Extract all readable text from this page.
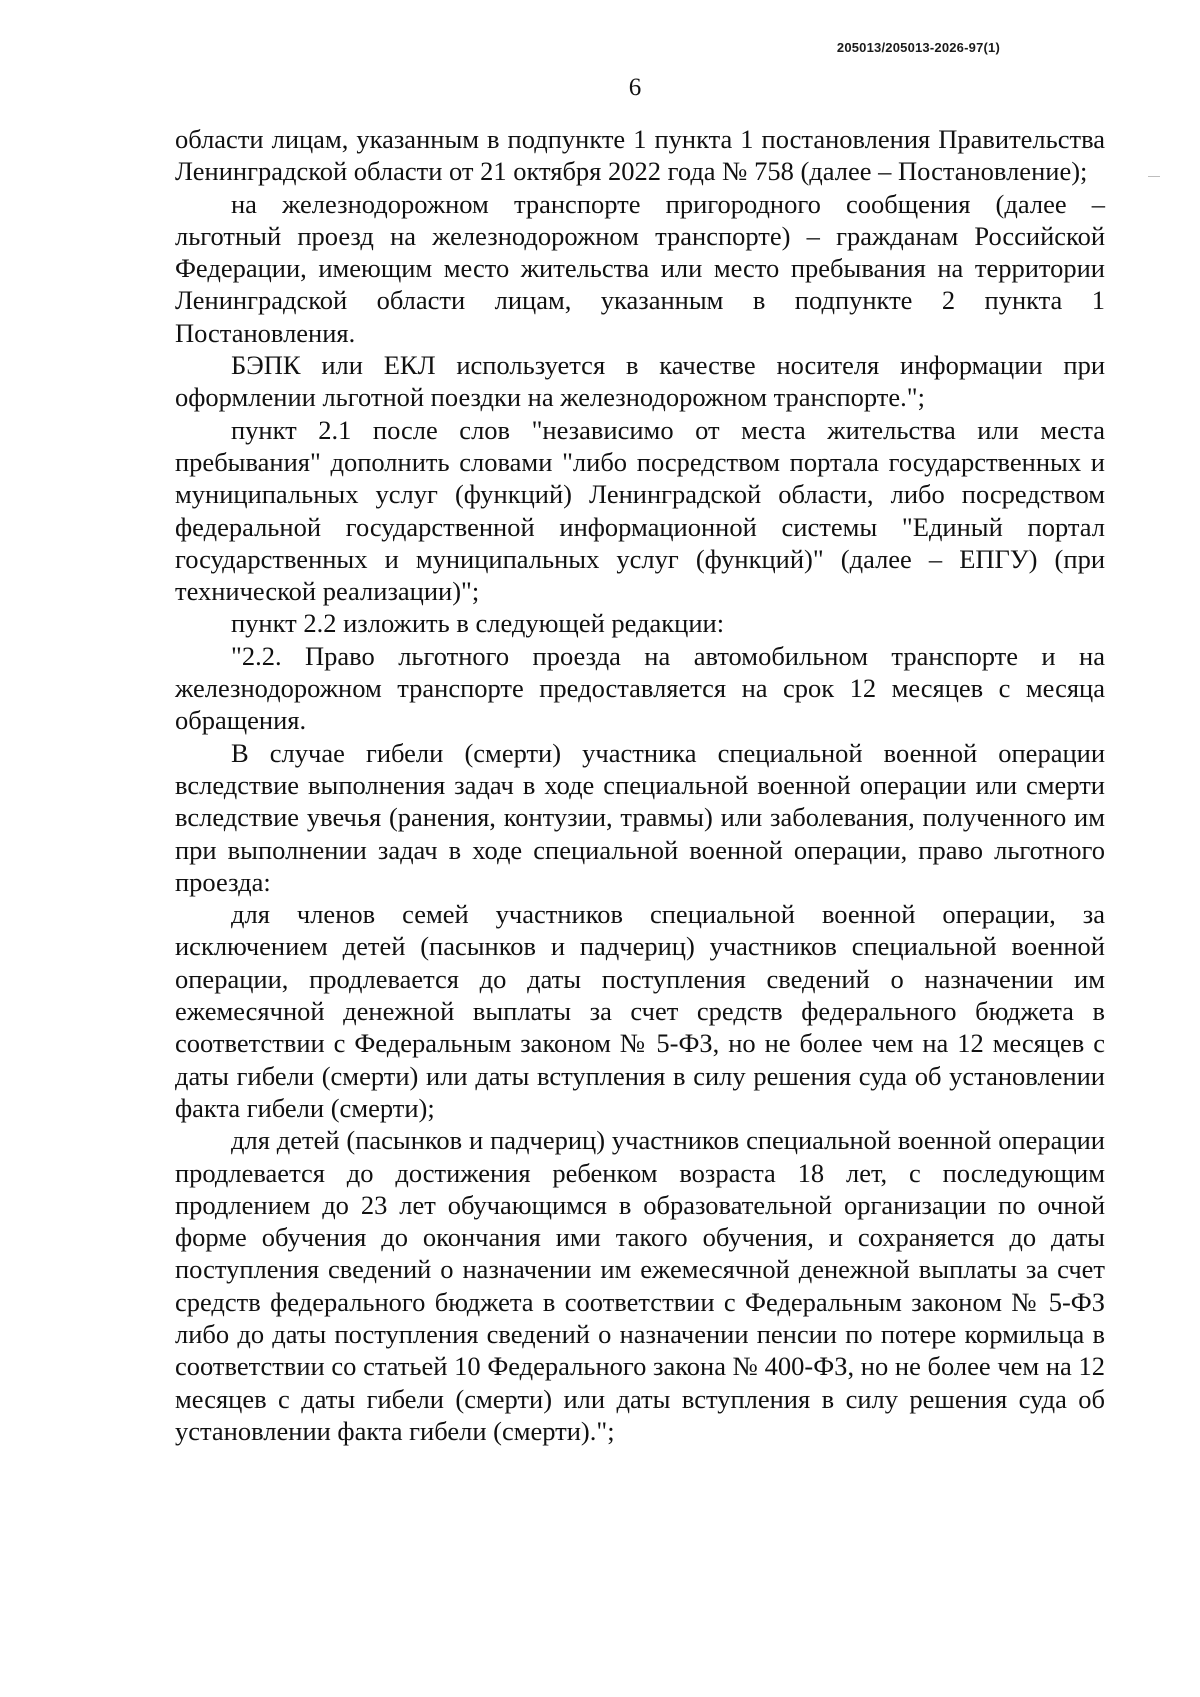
205013/205013-2026-97(1)
6

области лицам, указанным в подпункте 1 пункта 1 постановления Правительства Ленинградской области от 21 октября 2022 года № 758 (далее – Постановление);

на железнодорожном транспорте пригородного сообщения (далее – льготный проезд на железнодорожном транспорте) – гражданам Российской Федерации, имеющим место жительства или место пребывания на территории Ленинградской области лицам, указанным в подпункте 2 пункта 1 Постановления.

БЭПК или ЕКЛ используется в качестве носителя информации при оформлении льготной поездки на железнодорожном транспорте.";

пункт 2.1 после слов "независимо от места жительства или места пребывания" дополнить словами "либо посредством портала государственных и муниципальных услуг (функций) Ленинградской области, либо посредством федеральной государственной информационной системы "Единый портал государственных и муниципальных услуг (функций)" (далее – ЕПГУ) (при технической реализации)";

пункт 2.2 изложить в следующей редакции:

"2.2. Право льготного проезда на автомобильном транспорте и на железнодорожном транспорте предоставляется на срок 12 месяцев с месяца обращения.

В случае гибели (смерти) участника специальной военной операции вследствие выполнения задач в ходе специальной военной операции или смерти вследствие увечья (ранения, контузии, травмы) или заболевания, полученного им при выполнении задач в ходе специальной военной операции, право льготного проезда:

для членов семей участников специальной военной операции, за исключением детей (пасынков и падчериц) участников специальной военной операции, продлевается до даты поступления сведений о назначении им ежемесячной денежной выплаты за счет средств федерального бюджета в соответствии с Федеральным законом № 5-ФЗ, но не более чем на 12 месяцев с даты гибели (смерти) или даты вступления в силу решения суда об установлении факта гибели (смерти);

для детей (пасынков и падчериц) участников специальной военной операции продлевается до достижения ребенком возраста 18 лет, с последующим продлением до 23 лет обучающимся в образовательной организации по очной форме обучения до окончания ими такого обучения, и сохраняется до даты поступления сведений о назначении им ежемесячной денежной выплаты за счет средств федерального бюджета в соответствии с Федеральным законом № 5-ФЗ либо до даты поступления сведений о назначении пенсии по потере кормильца в соответствии со статьей 10 Федерального закона № 400-ФЗ, но не более чем на 12 месяцев с даты гибели (смерти) или даты вступления в силу решения суда об установлении факта гибели (смерти).";
